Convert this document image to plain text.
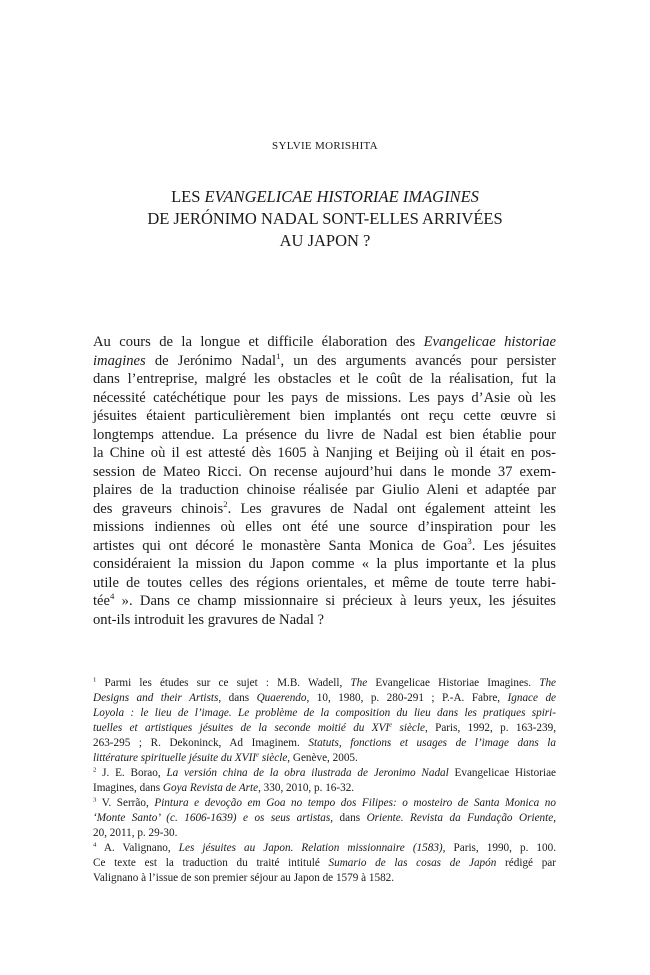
SYLVIE MORISHITA
LES EVANGELICAE HISTORIAE IMAGINES
DE JERÓNIMO NADAL SONT-ELLES ARRIVÉES
AU JAPON ?
Au cours de la longue et difficile élaboration des Evangelicae historiae
imagines de Jerónimo Nadal$^1$, un des arguments avancés pour persister
dans l’entreprise, malgré les obstacles et le coût de la réalisation, fut la
nécessité catéchétique pour les pays de missions. Les pays d’Asie où les
jésuites étaient particulièrement bien implantés ont reçu cette œuvre si
longtemps attendue. La présence du livre de Nadal est bien établie pour
la Chine où il est attesté dès 1605 à Nanjing et Beijing où il était en pos-
session de Mateo Ricci. On recense aujourd’hui dans le monde 37 exem-
plaires de la traduction chinoise réalisée par Giulio Aleni et adaptée par
des graveurs chinois$^2$. Les gravures de Nadal ont également atteint les
missions indiennes où elles ont été une source d’inspiration pour les
artistes qui ont décoré le monastère Santa Monica de Goa$^3$. Les jésuites
considéraient la mission du Japon comme « la plus importante et la plus
utile de toutes celles des régions orientales, et même de toute terre habi-
tée$^4$ ». Dans ce champ missionnaire si précieux à leurs yeux, les jésuites
ont-ils introduit les gravures de Nadal ?
$^1$ Parmi les études sur ce sujet : M.B. Wadell, The Evangelicae Historiae Imagines. The
Designs and their Artists, dans Quaerendo, 10, 1980, p. 280-291 ; P.-A. Fabre, Ignace de
Loyola : le lieu de l’image. Le problème de la composition du lieu dans les pratiques spiri-
tuelles et artistiques jésuites de la seconde moitié du XVIe siècle, Paris, 1992, p. 163-239,
263-295 ; R. Dekoninck, Ad Imaginem. Statuts, fonctions et usages de l’image dans la
littérature spirituelle jésuite du XVIIe siècle, Genève, 2005.
$^2$ J. E. Borao, La versión china de la obra ilustrada de Jeronimo Nadal Evangelicae Historiae
Imagines, dans Goya Revista de Arte, 330, 2010, p. 16-32.
$^3$ V. Serrão, Pintura e devoção em Goa no tempo dos Filipes: o mosteiro de Santa Monica no
‘Monte Santo’ (c. 1606-1639) e os seus artistas, dans Oriente. Revista da Fundação Oriente,
20, 2011, p. 29-30.
$^4$ A. Valignano, Les jésuites au Japon. Relation missionnaire (1583), Paris, 1990, p. 100.
Ce texte est la traduction du traité intitulé Sumario de las cosas de Japón rédigé par
Valignano à l’issue de son premier séjour au Japon de 1579 à 1582.
